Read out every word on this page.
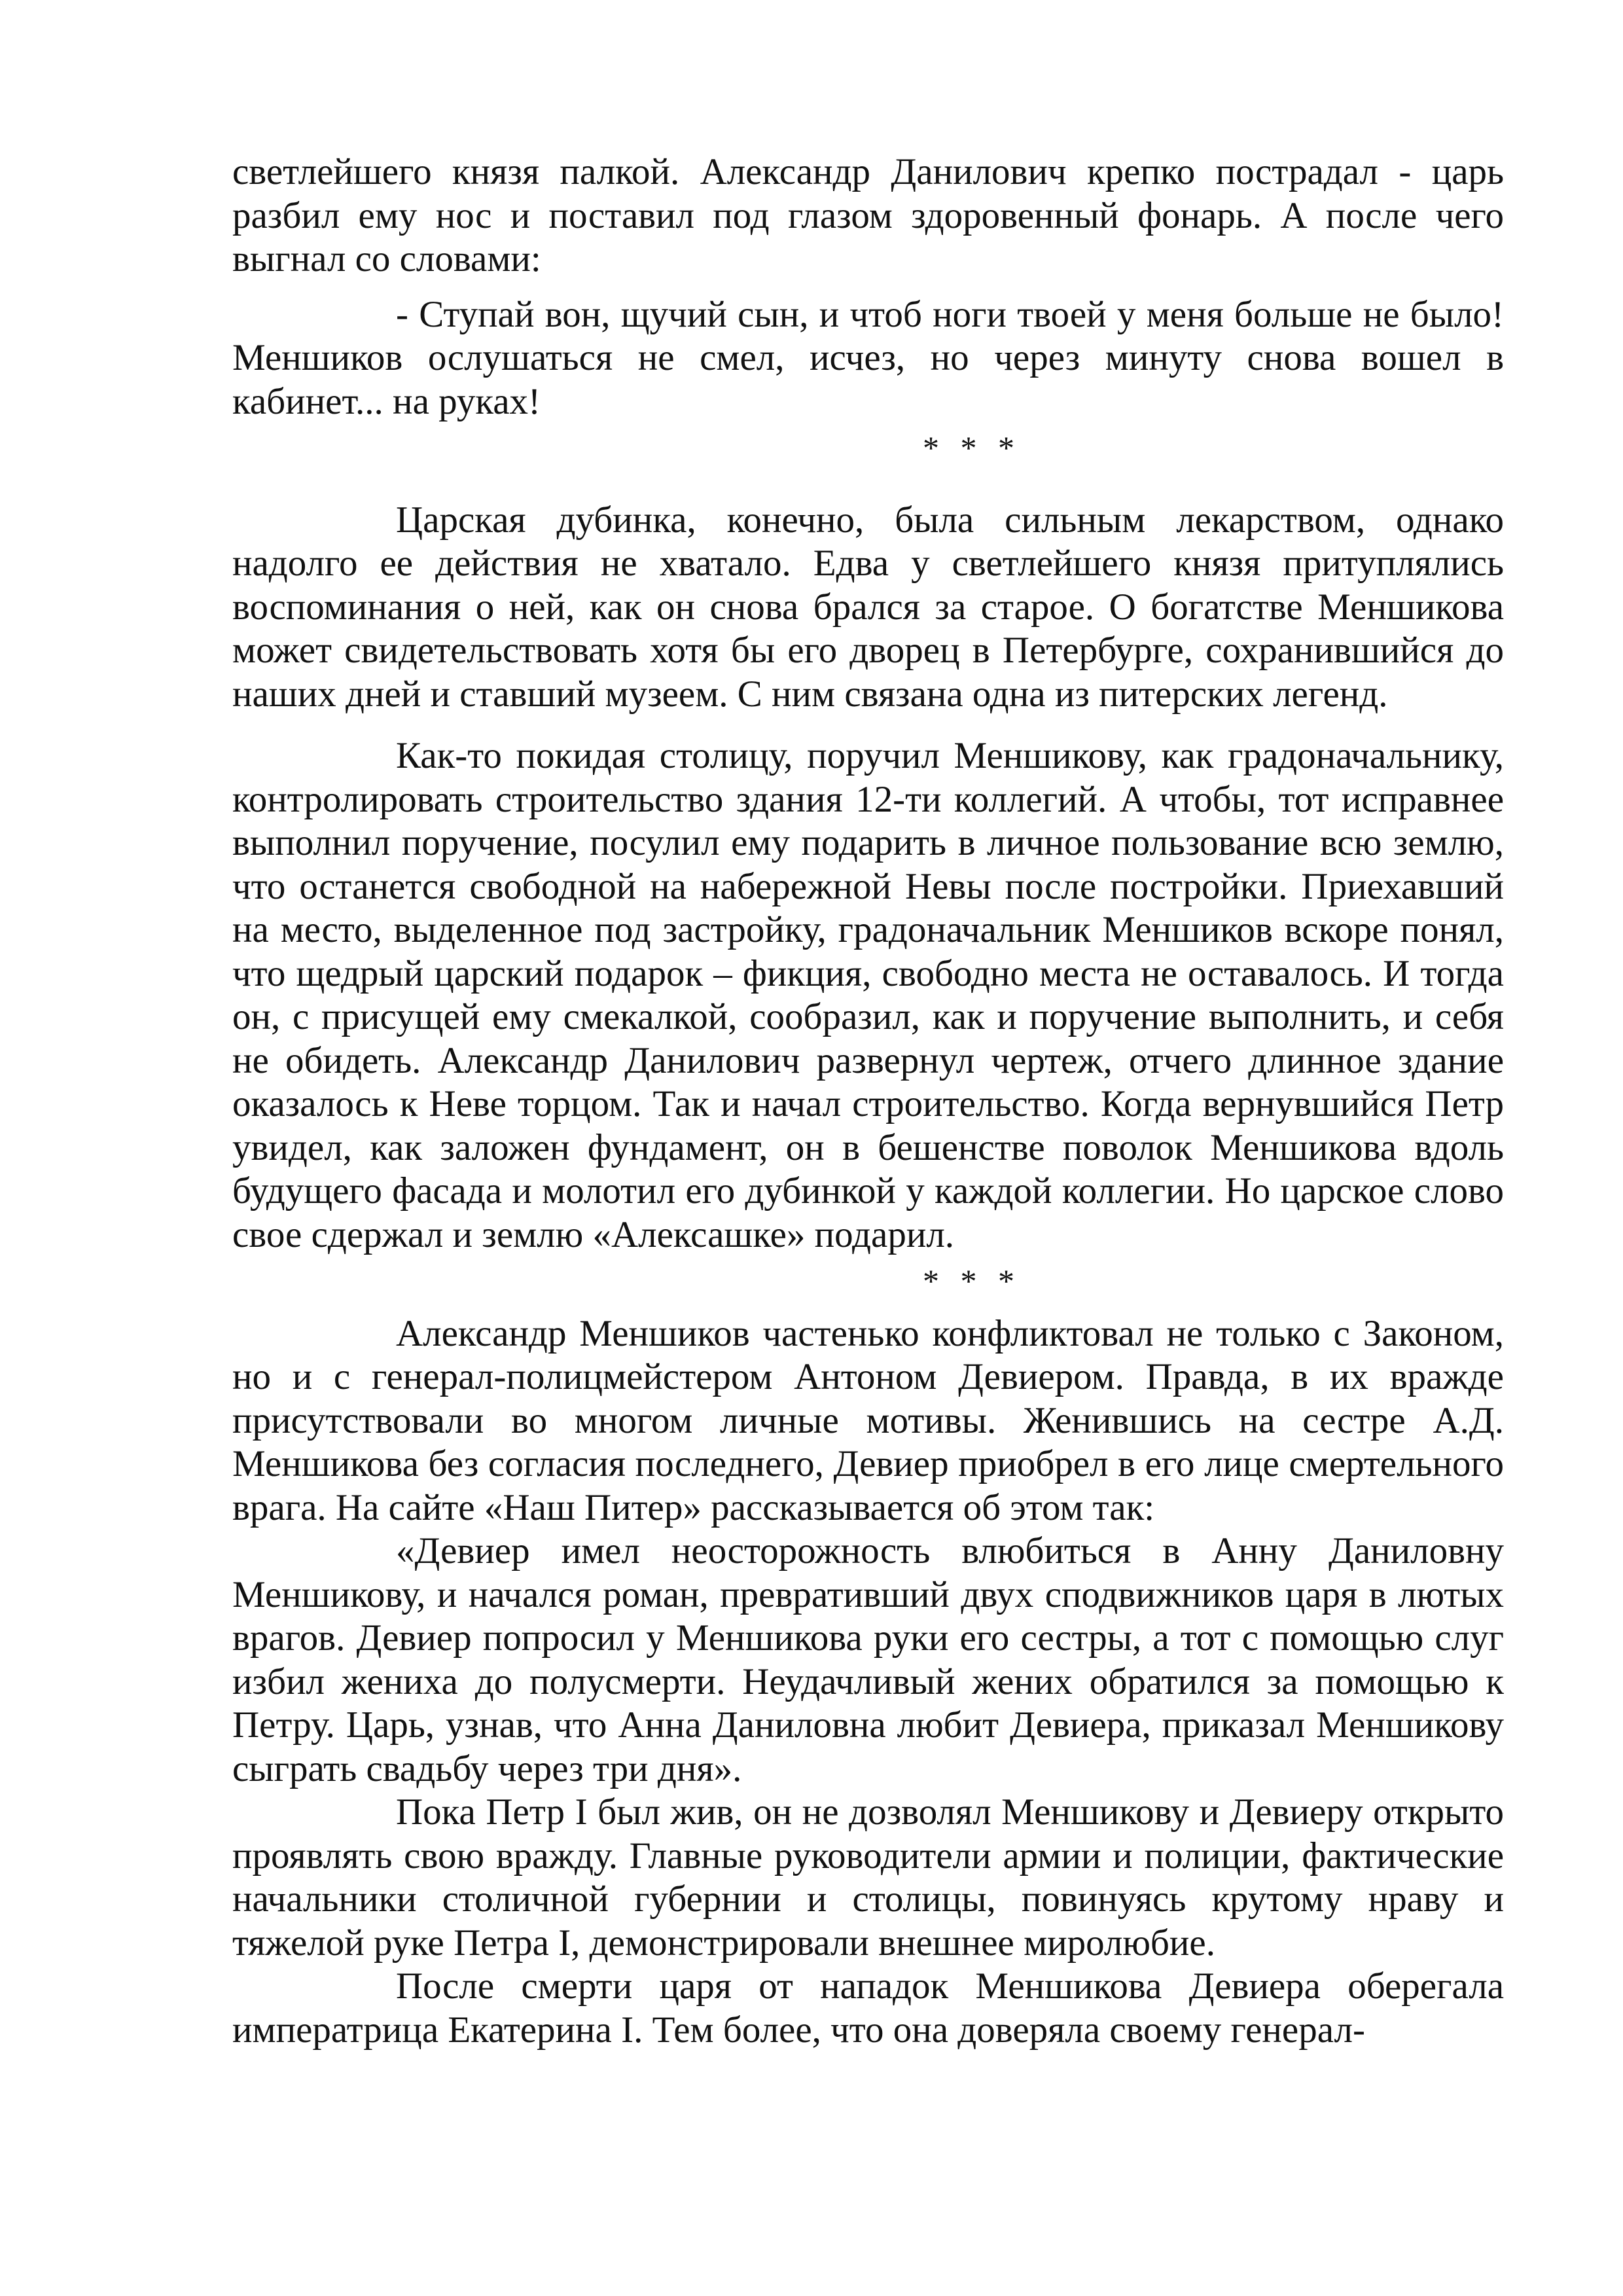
светлейшего князя палкой. Александр Данилович крепко пострадал - царь разбил ему нос и поставил под глазом здоровенный фонарь. А после чего выгнал со словами:

- Ступай вон, щучий сын, и чтоб ноги твоей у меня больше не было! Меншиков ослушаться не смел, исчез, но через минуту снова вошел в кабинет... на руках!

* * *

Царская дубинка, конечно, была сильным лекарством, однако надолго ее действия не хватало. Едва у светлейшего князя притуплялись воспоминания о ней, как он снова брался за старое. О богатстве Меншикова может свидетельствовать хотя бы его дворец в Петербурге, сохранившийся до наших дней и ставший музеем. С ним связана одна из питерских легенд.

Как-то покидая столицу, поручил Меншикову, как градоначальнику, контролировать строительство здания 12-ти коллегий. А чтобы, тот исправнее выполнил поручение, посулил ему подарить в личное пользование всю землю, что останется свободной на набережной Невы после постройки. Приехавший на место, выделенное под застройку, градоначальник Меншиков вскоре понял, что щедрый царский подарок – фикция, свободно места не оставалось. И тогда он, с присущей ему смекалкой, сообразил, как и поручение выполнить, и себя не обидеть. Александр Данилович развернул чертеж, отчего длинное здание оказалось к Неве торцом. Так и начал строительство. Когда вернувшийся Петр увидел, как заложен фундамент, он в бешенстве поволок Меншикова вдоль будущего фасада и молотил его дубинкой у каждой коллегии. Но царское слово свое сдержал и землю «Алексашке» подарил.

* * *

Александр Меншиков частенько конфликтовал не только с Законом, но и с генерал-полицмейстером Антоном Девиером. Правда, в их вражде присутствовали во многом личные мотивы. Женившись на сестре А.Д. Меншикова без согласия последнего, Девиер приобрел в его лице смертельного врага. На сайте «Наш Питер» рассказывается об этом так:

«Девиер имел неосторожность влюбиться в Анну Даниловну Меншикову, и начался роман, превративший двух сподвижников царя в лютых врагов. Девиер попросил у Меншикова руки его сестры, а тот с помощью слуг избил жениха до полусмерти. Неудачливый жених обратился за помощью к Петру. Царь, узнав, что Анна Даниловна любит Девиера, приказал Меншикову сыграть свадьбу через три дня».

Пока Петр I был жив, он не дозволял Меншикову и Девиеру открыто проявлять свою вражду. Главные руководители армии и полиции, фактические начальники столичной губернии и столицы, повинуясь крутому нраву и тяжелой руке Петра I, демонстрировали внешнее миролюбие.

После смерти царя от нападок Меншикова Девиера оберегала императрица Екатерина I. Тем более, что она доверяла своему генерал-
